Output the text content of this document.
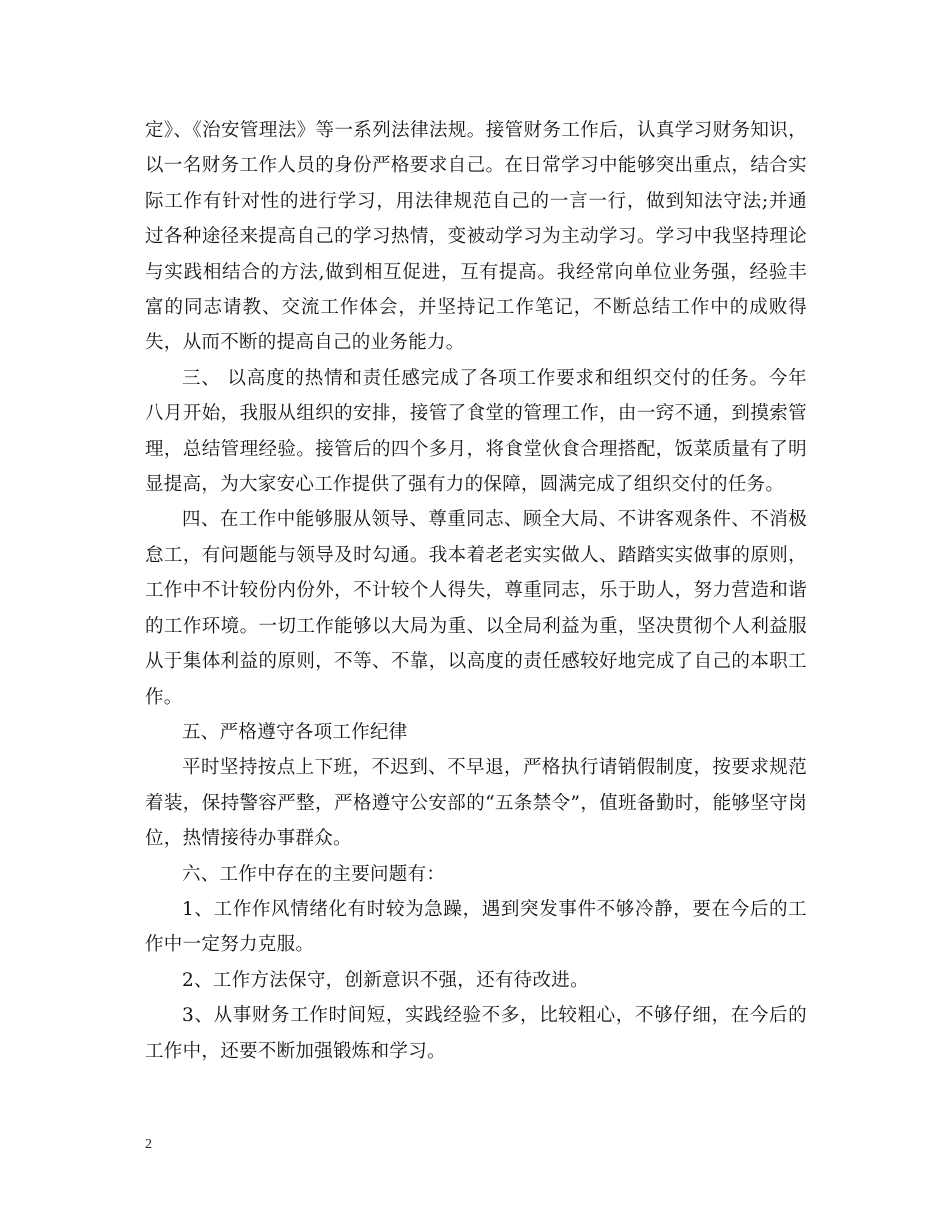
定》、《治安管理法》等一系列法律法规。接管财务工作后，认真学习财务知识，以一名财务工作人员的身份严格要求自己。在日常学习中能够突出重点，结合实际工作有针对性的进行学习，用法律规范自己的一言一行，做到知法守法;并通过各种途径来提高自己的学习热情，变被动学习为主动学习。学习中我坚持理论与实践相结合的方法,做到相互促进，互有提高。我经常向单位业务强，经验丰富的同志请教、交流工作体会，并坚持记工作笔记，不断总结工作中的成败得失，从而不断的提高自己的业务能力。

三、 以高度的热情和责任感完成了各项工作要求和组织交付的任务。今年八月开始，我服从组织的安排，接管了食堂的管理工作，由一窍不通，到摸索管理，总结管理经验。接管后的四个多月，将食堂伙食合理搭配，饭菜质量有了明显提高，为大家安心工作提供了强有力的保障，圆满完成了组织交付的任务。

四、在工作中能够服从领导、尊重同志、顾全大局、不讲客观条件、不消极怠工，有问题能与领导及时勾通。我本着老老实实做人、踏踏实实做事的原则，工作中不计较份内份外，不计较个人得失，尊重同志，乐于助人，努力营造和谐的工作环境。一切工作能够以大局为重、以全局利益为重，坚决贯彻个人利益服从于集体利益的原则，不等、不靠，以高度的责任感较好地完成了自己的本职工作。

五、严格遵守各项工作纪律

平时坚持按点上下班，不迟到、不早退，严格执行请销假制度，按要求规范着装，保持警容严整，严格遵守公安部的“五条禁令”，值班备勤时，能够坚守岗位，热情接待办事群众。

六、工作中存在的主要问题有：

1、工作作风情绪化有时较为急躁，遇到突发事件不够冷静，要在今后的工作中一定努力克服。

2、工作方法保守，创新意识不强，还有待改进。

3、从事财务工作时间短，实践经验不多，比较粗心，不够仔细，在今后的工作中，还要不断加强锻炼和学习。

2
